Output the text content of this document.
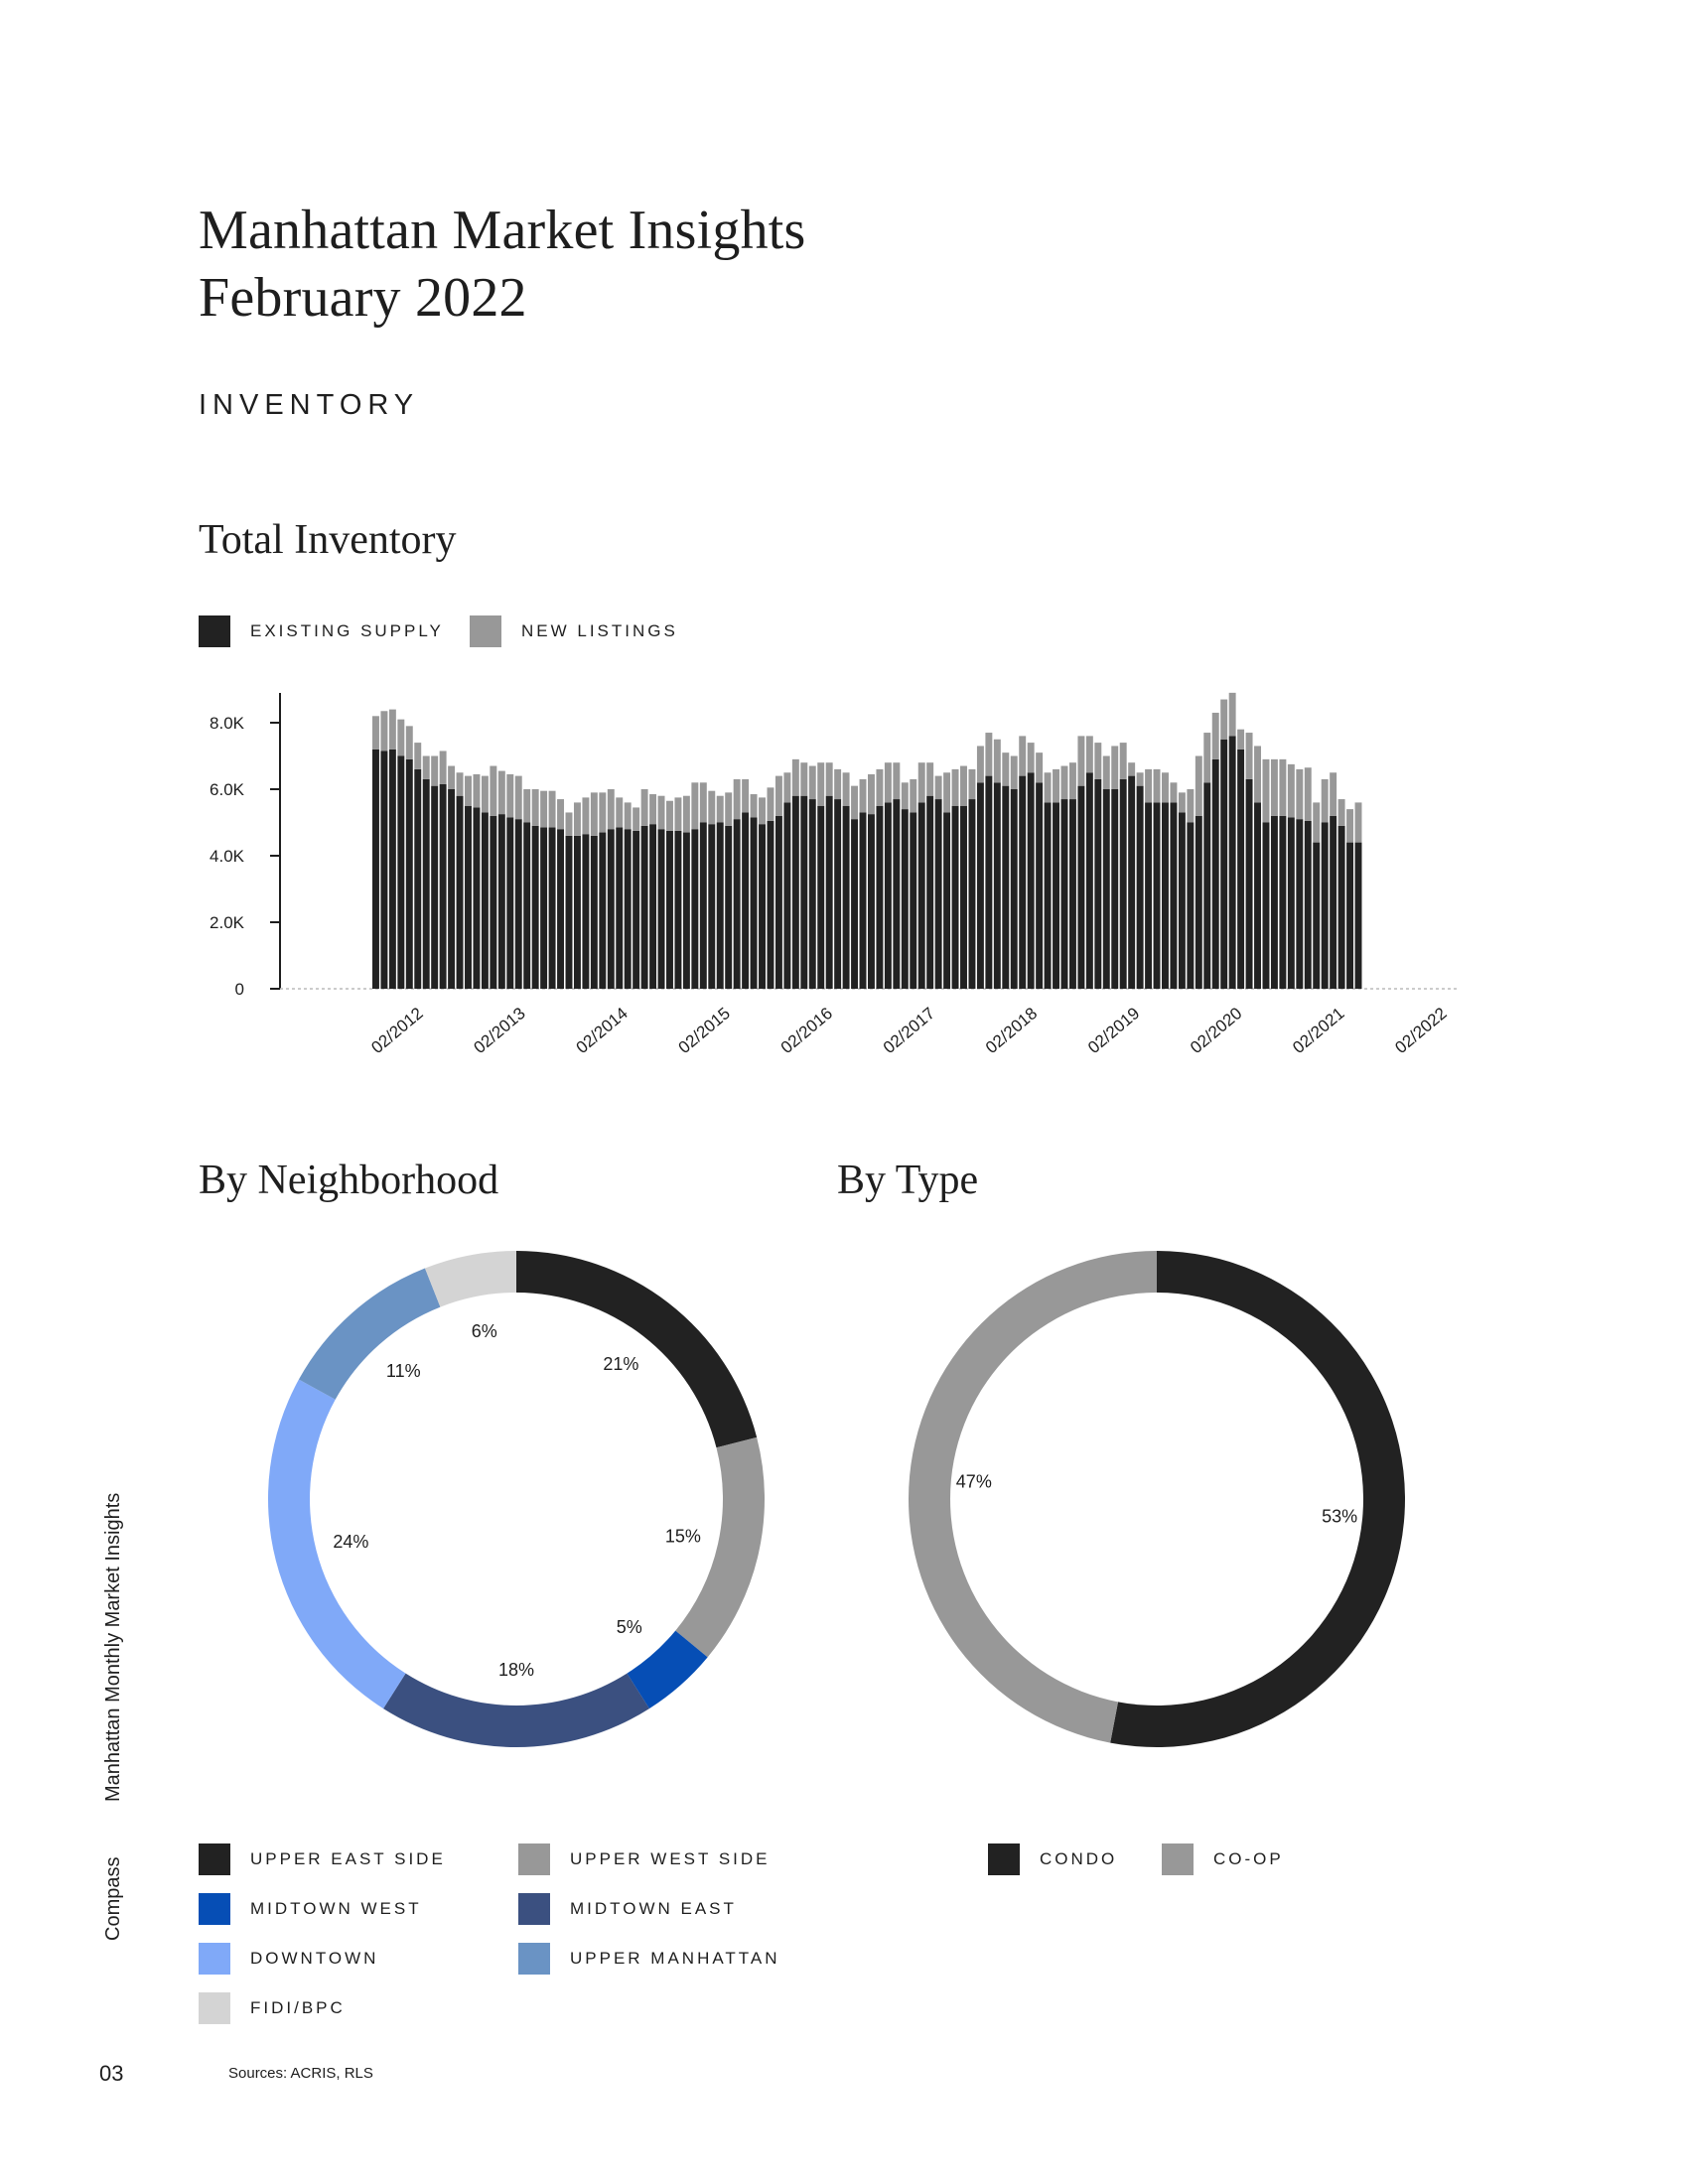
Manhattan Market Insights
February 2022
INVENTORY
Total Inventory
EXISTING SUPPLY	NEW LISTINGS
0
2.0K
4.0K
6.0K
8.0K
02/2012	02/2013	02/2014	02/2015	02/2016	02/2017	02/2018	02/2019	02/2020	02/2021	02/2022
By Neighborhood
21%
15%
5%
18%
24%
11%
6%
By Type
53%
47%
UPPER EAST SIDE	UPPER WEST SIDE
MIDTOWN WEST	MIDTOWN EAST
DOWNTOWN	UPPER MANHATTAN
FIDI/BPC
CONDO	CO-OP
Manhattan Monthly Market Insights
Compass
03	Sources: ACRIS, RLS
